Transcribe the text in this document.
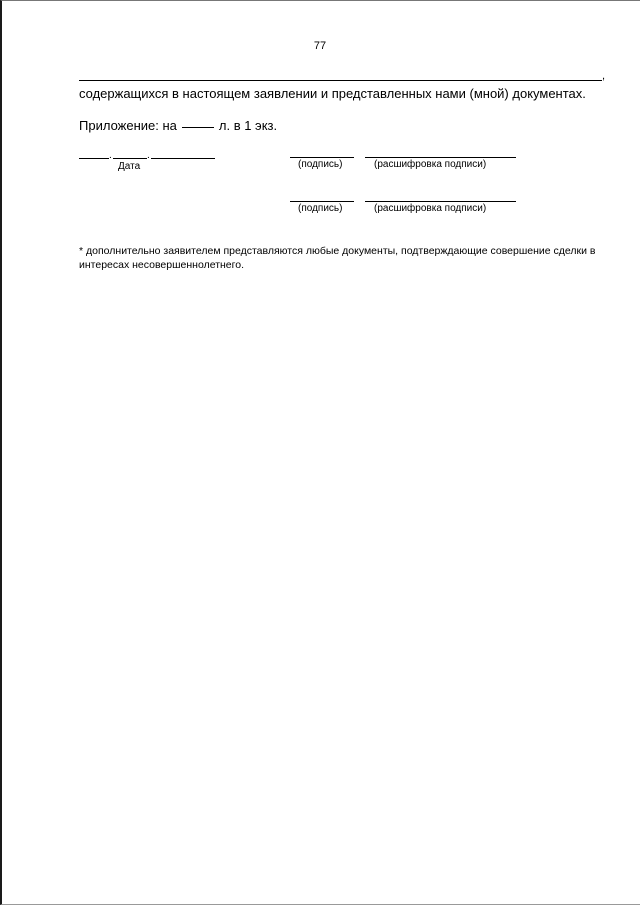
77
,
содержащихся в настоящем заявлении и представленных нами (мной) документах.
Приложение: на	л. в 1 экз.
.	.
Дата	(подпись)	(расшифровка подписи)
(подпись)	(расшифровка подписи)
* дополнительно заявителем представляются любые документы, подтверждающие совершение сделки в интересах несовершеннолетнего.
